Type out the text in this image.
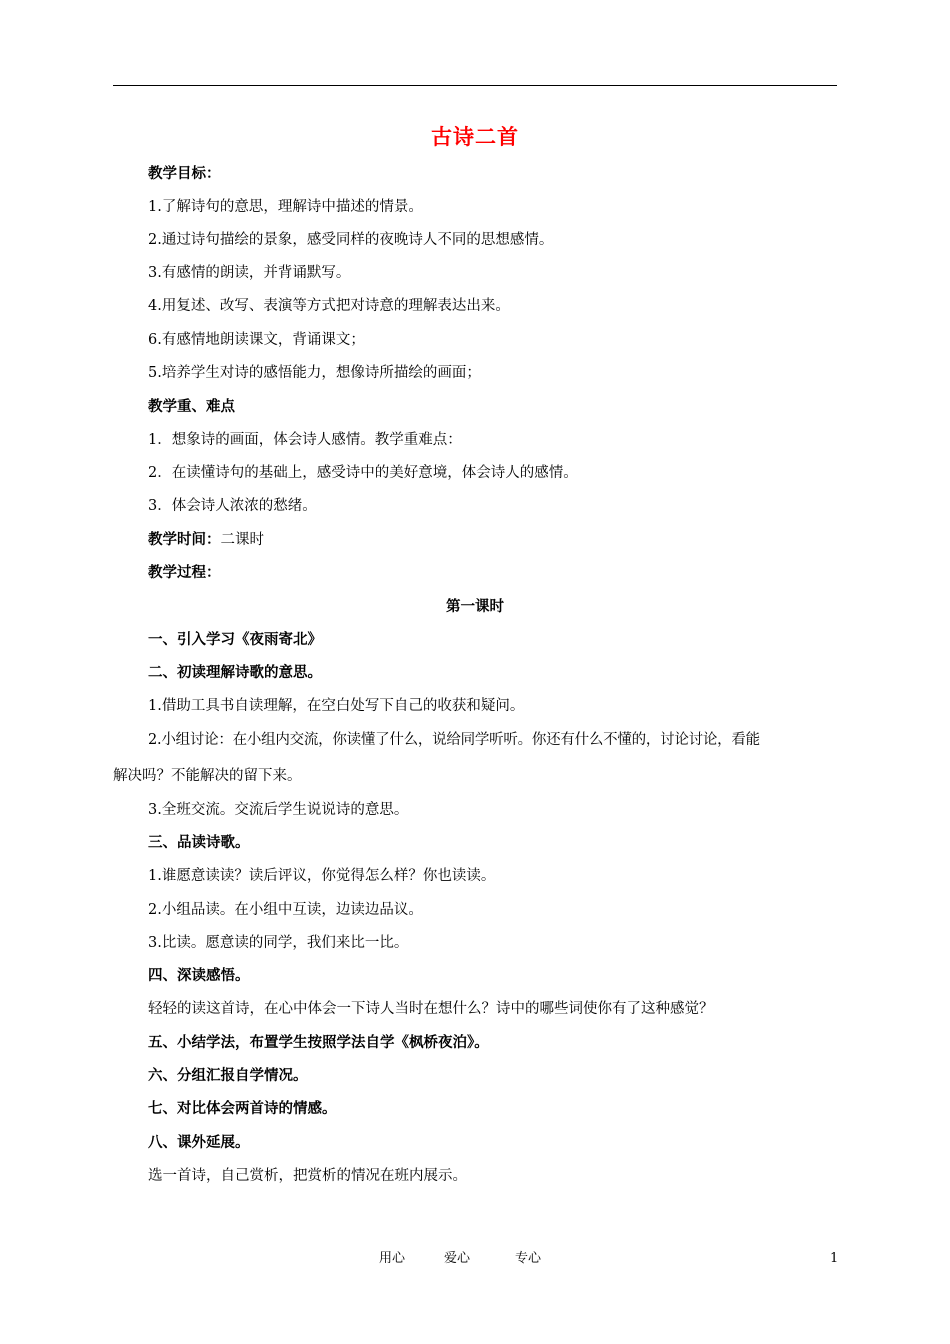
古诗二首
教学目标：
1.了解诗句的意思，理解诗中描述的情景。
2.通过诗句描绘的景象，感受同样的夜晚诗人不同的思想感情。
3.有感情的朗读，并背诵默写。
4.用复述、改写、表演等方式把对诗意的理解表达出来。
6.有感情地朗读课文，背诵课文；
5.培养学生对诗的感悟能力，想像诗所描绘的画面；
教学重、难点
1．想象诗的画面，体会诗人感情。教学重难点：
2．在读懂诗句的基础上，感受诗中的美好意境，体会诗人的感情。
3．体会诗人浓浓的愁绪。
教学时间：二课时
教学过程：
第一课时
一、引入学习《夜雨寄北》
二、初读理解诗歌的意思。
1.借助工具书自读理解，在空白处写下自己的收获和疑问。
2.小组讨论：在小组内交流，你读懂了什么，说给同学听听。你还有什么不懂的，讨论讨论，看能
解决吗？不能解决的留下来。
3.全班交流。交流后学生说说诗的意思。
三、品读诗歌。
1.谁愿意读读？读后评议，你觉得怎么样？你也读读。
2.小组品读。在小组中互读，边读边品议。
3.比读。愿意读的同学，我们来比一比。
四、深读感悟。
轻轻的读这首诗，在心中体会一下诗人当时在想什么？诗中的哪些词使你有了这种感觉？
五、小结学法，布置学生按照学法自学《枫桥夜泊》。
六、分组汇报自学情况。
七、对比体会两首诗的情感。
八、课外延展。
选一首诗，自己赏析，把赏析的情况在班内展示。
用心	爱心	专心	1
